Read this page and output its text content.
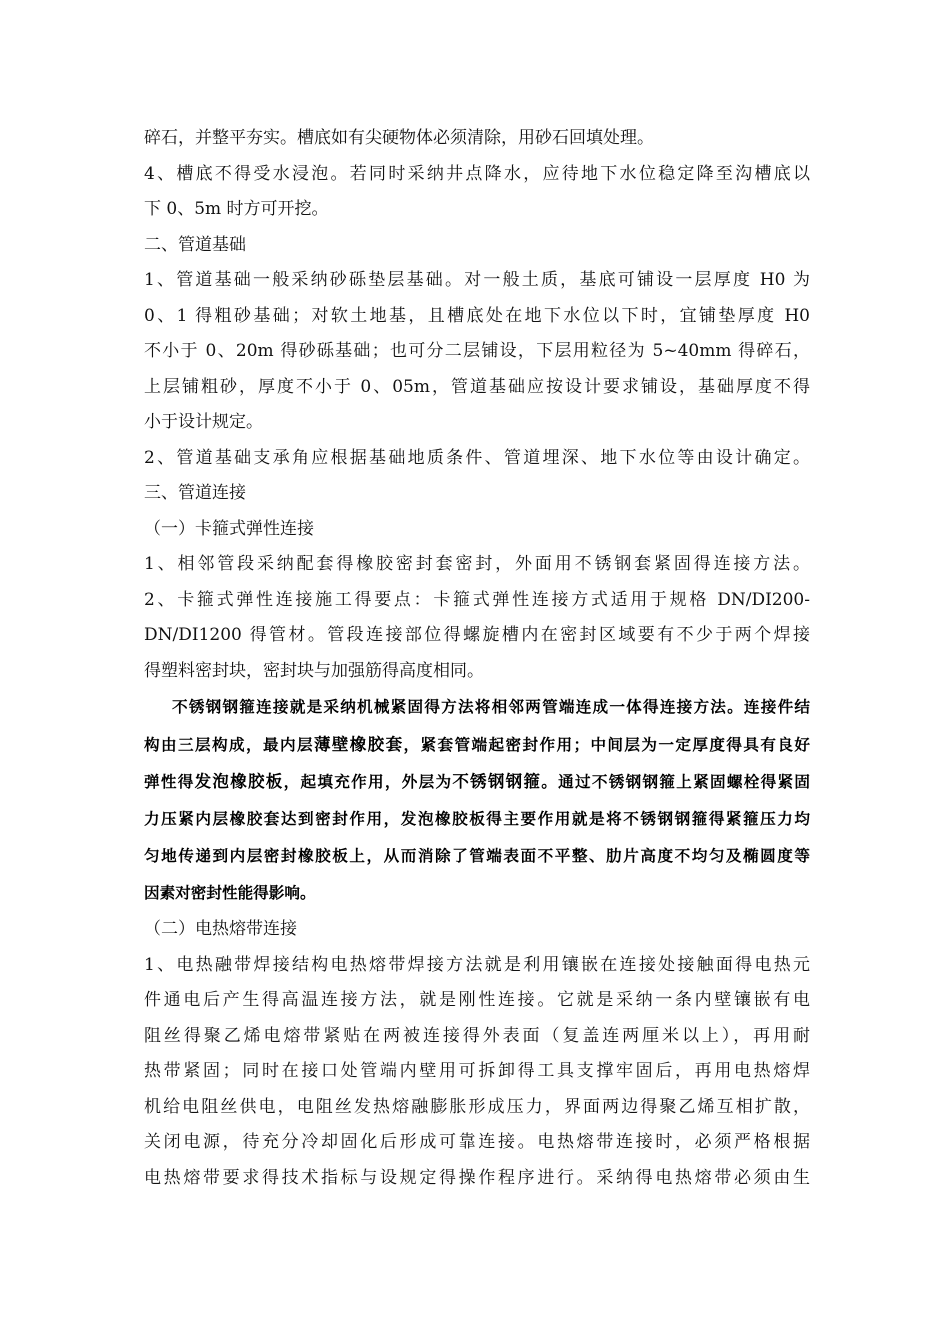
碎石，并整平夯实。槽底如有尖硬物体必须清除，用砂石回填处理。
4、槽底不得受水浸泡。若同时采纳井点降水，应待地下水位稳定降至沟槽底以
下 0、5m 时方可开挖。
二、管道基础
1、管道基础一般采纳砂砾垫层基础。对一般土质，基底可铺设一层厚度 H0 为
0、1 得粗砂基础；对软土地基，且槽底处在地下水位以下时，宜铺垫厚度 H0
不小于 0、20m 得砂砾基础；也可分二层铺设，下层用粒径为 5~40mm 得碎石，
上层铺粗砂，厚度不小于 0、05m，管道基础应按设计要求铺设，基础厚度不得
小于设计规定。
2、管道基础支承角应根据基础地质条件、管道埋深、地下水位等由设计确定。
三、管道连接
（一）卡箍式弹性连接
1、相邻管段采纳配套得橡胶密封套密封，外面用不锈钢套紧固得连接方法。
2、卡箍式弹性连接施工得要点：卡箍式弹性连接方式适用于规格 DN/DI200-
DN/DI1200 得管材。管段连接部位得螺旋槽内在密封区域要有不少于两个焊接
得塑料密封块，密封块与加强筋得高度相同。
不锈钢钢箍连接就是采纳机械紧固得方法将相邻两管端连成一体得连接方法。连接件结
构由三层构成，最内层薄壁橡胶套，紧套管端起密封作用；中间层为一定厚度得具有良好
弹性得发泡橡胶板，起填充作用，外层为不锈钢钢箍。通过不锈钢钢箍上紧固螺栓得紧固
力压紧内层橡胶套达到密封作用，发泡橡胶板得主要作用就是将不锈钢钢箍得紧箍压力均
匀地传递到内层密封橡胶板上，从而消除了管端表面不平整、肋片高度不均匀及椭圆度等
因素对密封性能得影响。
（二）电热熔带连接
1、电热融带焊接结构电热熔带焊接方法就是利用镶嵌在连接处接触面得电热元
件通电后产生得高温连接方法，就是刚性连接。它就是采纳一条内壁镶嵌有电
阻丝得聚乙烯电熔带紧贴在两被连接得外表面（复盖连两厘米以上），再用耐
热带紧固；同时在接口处管端内壁用可拆卸得工具支撑牢固后，再用电热熔焊
机给电阻丝供电，电阻丝发热熔融膨胀形成压力，界面两边得聚乙烯互相扩散，
关闭电源，待充分冷却固化后形成可靠连接。电热熔带连接时，必须严格根据
电热熔带要求得技术指标与设规定得操作程序进行。采纳得电热熔带必须由生
